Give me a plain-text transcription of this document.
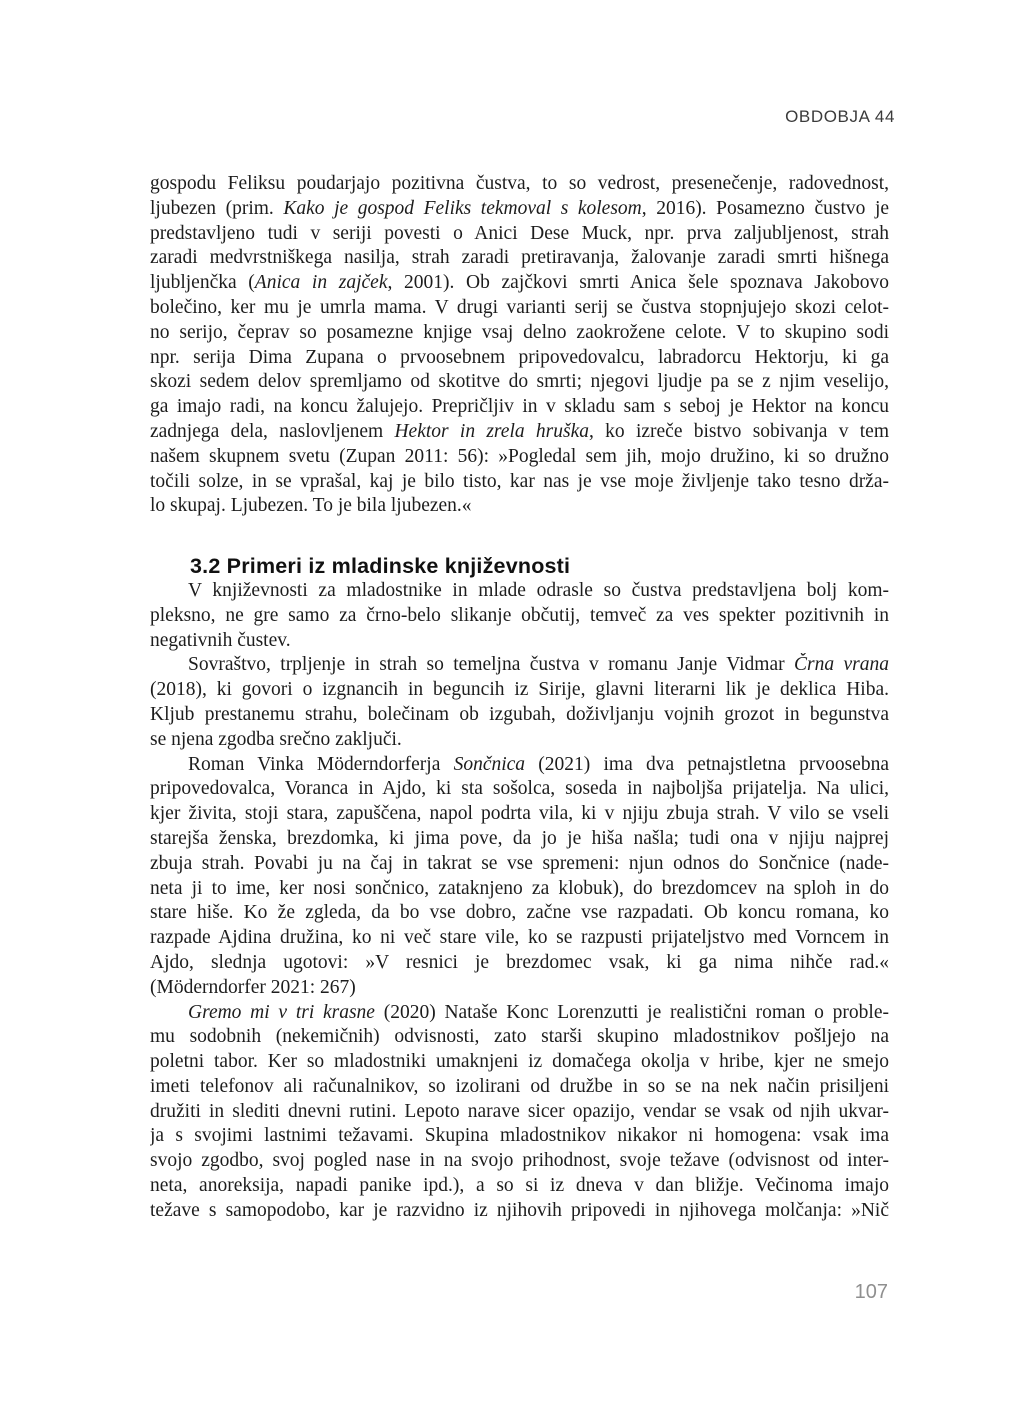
OBDOBJA 44
gospodu Feliksu poudarjajo pozitivna čustva, to so vedrost, presenečenje, radovednost,
ljubezen (prim. Kako je gospod Feliks tekmoval s kolesom, 2016). Posamezno čustvo je
predstavljeno tudi v seriji povesti o Anici Dese Muck, npr. prva zaljubljenost, strah
zaradi medvrstniškega nasilja, strah zaradi pretiravanja, žalovanje zaradi smrti hišnega
ljubljenčka (Anica in zajček, 2001). Ob zajčkovi smrti Anica šele spoznava Jakobovo
bolečino, ker mu je umrla mama. V drugi varianti serij se čustva stopnjujejo skozi celot-
no serijo, čeprav so posamezne knjige vsaj delno zaokrožene celote. V to skupino sodi
npr. serija Dima Zupana o prvoosebnem pripovedovalcu, labradorcu Hektorju, ki ga
skozi sedem delov spremljamo od skotitve do smrti; njegovi ljudje pa se z njim veselijo,
ga imajo radi, na koncu žalujejo. Prepričljiv in v skladu sam s seboj je Hektor na koncu
zadnjega dela, naslovljenem Hektor in zrela hruška, ko izreče bistvo sobivanja v tem
našem skupnem svetu (Zupan 2011: 56): »Pogledal sem jih, mojo družino, ki so družno
točili solze, in se vprašal, kaj je bilo tisto, kar nas je vse moje življenje tako tesno drža-
lo skupaj. Ljubezen. To je bila ljubezen.«
3.2 Primeri iz mladinske književnosti
V književnosti za mladostnike in mlade odrasle so čustva predstavljena bolj kom-
pleksno, ne gre samo za črno-belo slikanje občutij, temveč za ves spekter pozitivnih in
negativnih čustev.
Sovraštvo, trpljenje in strah so temeljna čustva v romanu Janje Vidmar Črna vrana
(2018), ki govori o izgnancih in beguncih iz Sirije, glavni literarni lik je deklica Hiba.
Kljub prestanemu strahu, bolečinam ob izgubah, doživljanju vojnih grozot in begunstva
se njena zgodba srečno zaključi.
Roman Vinka Möderndorferja Sončnica (2021) ima dva petnajstletna prvoosebna
pripovedovalca, Voranca in Ajdo, ki sta sošolca, soseda in najboljša prijatelja. Na ulici,
kjer živita, stoji stara, zapuščena, napol podrta vila, ki v njiju zbuja strah. V vilo se vseli
starejša ženska, brezdomka, ki jima pove, da jo je hiša našla; tudi ona v njiju najprej
zbuja strah. Povabi ju na čaj in takrat se vse spremeni: njun odnos do Sončnice (nade-
neta ji to ime, ker nosi sončnico, zataknjeno za klobuk), do brezdomcev na sploh in do
stare hiše. Ko že zgleda, da bo vse dobro, začne vse razpadati. Ob koncu romana, ko
razpade Ajdina družina, ko ni več stare vile, ko se razpusti prijateljstvo med Vorncem in
Ajdo, slednja ugotovi: »V resnici je brezdomec vsak, ki ga nima nihče rad.«
(Möderndorfer 2021: 267)
Gremo mi v tri krasne (2020) Nataše Konc Lorenzutti je realistični roman o proble-
mu sodobnih (nekemičnih) odvisnosti, zato starši skupino mladostnikov pošljejo na
poletni tabor. Ker so mladostniki umaknjeni iz domačega okolja v hribe, kjer ne smejo
imeti telefonov ali računalnikov, so izolirani od družbe in so se na nek način prisiljeni
družiti in slediti dnevni rutini. Lepoto narave sicer opazijo, vendar se vsak od njih ukvar-
ja s svojimi lastnimi težavami. Skupina mladostnikov nikakor ni homogena: vsak ima
svojo zgodbo, svoj pogled nase in na svojo prihodnost, svoje težave (odvisnost od inter-
neta, anoreksija, napadi panike ipd.), a so si iz dneva v dan bližje. Večinoma imajo
težave s samopodobo, kar je razvidno iz njihovih pripovedi in njihovega molčanja: »Nič
107
